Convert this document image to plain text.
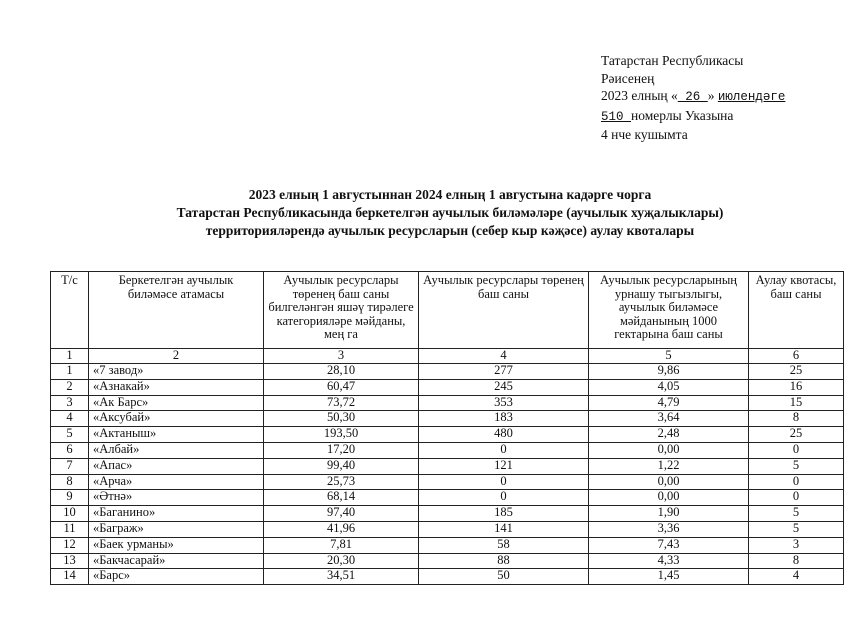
Татарстан Республикасы
Рәисенең
2023 елның « 26 » июлендәге
510 номерлы Указына
4 нче кушымта
2023 елның 1 августыннан 2024 елның 1 августына кадәрге чорга
Татарстан Республикасында беркетелгән аучылык биләмәләре (аучылык хуҗалыклары)
территорияләрендә аучылык ресурсларын (себер кыр кәҗәсе) аулау квоталары
Т/с	Беркетелгән аучылык биләмәсе атамасы	Аучылык ресурслары төренең баш саны билгеләнгән яшәү тирәлеге категорияләре мәйданы, мең га	Аучылык ресурслары төренең баш саны	Аучылык ресурсларының урнашу тыгызлыгы, аучылык биләмәсе мәйданының 1000 гектарына баш саны	Аулау квотасы, баш саны
1	2	3	4	5	6
1	«7 завод»	28,10	277	9,86	25
2	«Азнакай»	60,47	245	4,05	16
3	«Ак Барс»	73,72	353	4,79	15
4	«Аксубай»	50,30	183	3,64	8
5	«Актаныш»	193,50	480	2,48	25
6	«Албай»	17,20	0	0,00	0
7	«Апас»	99,40	121	1,22	5
8	«Арча»	25,73	0	0,00	0
9	«Әтнә»	68,14	0	0,00	0
10	«Баганино»	97,40	185	1,90	5
11	«Баграж»	41,96	141	3,36	5
12	«Баек урманы»	7,81	58	7,43	3
13	«Бакчасарай»	20,30	88	4,33	8
14	«Барс»	34,51	50	1,45	4
